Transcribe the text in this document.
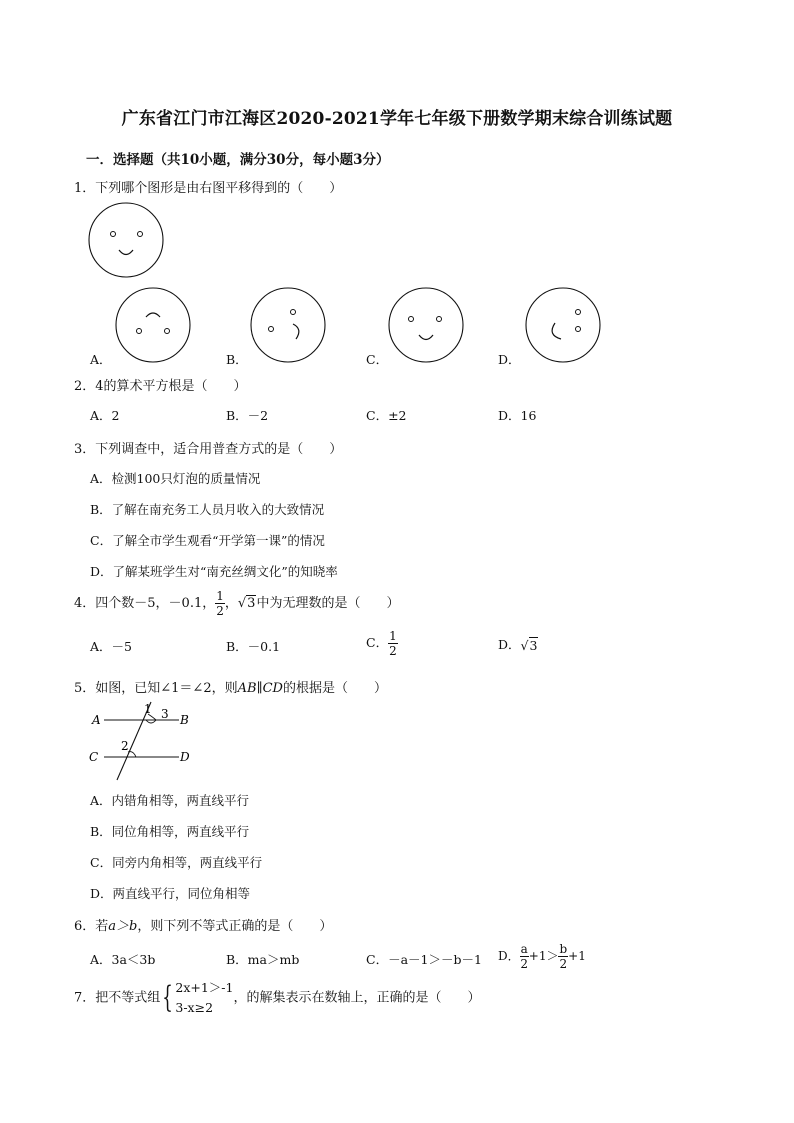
广东省江门市江海区2020-2021学年七年级下册数学期末综合训练试题
一．选择题（共10小题，满分30分，每小题3分）
1．下列哪个图形是由右图平移得到的（　　）
A．	B．	C．	D．
2．4的算术平方根是（　　）
A．2	B．－2	C．±2	D．16
3．下列调查中，适合用普查方式的是（　　）
A．检测100只灯泡的质量情况
B．了解在南充务工人员月收入的大致情况
C．了解全市学生观看“开学第一课”的情况
D．了解某班学生对“南充丝绸文化”的知晓率
4．四个数－5，－0.1， $\frac{1}{2}$ ，√3中为无理数的是（　　）
A．－5	B．－0.1	C． $\frac{1}{2}$	D．√3
5．如图，已知∠1＝∠2，则AB∥CD的根据是（　　）
A	B
C	D
1 3
2
A．内错角相等，两直线平行
B．同位角相等，两直线平行
C．同旁内角相等，两直线平行
D．两直线平行，同位角相等
6．若a＞b，则下列不等式正确的是（　　）
A．3a＜3b	B．ma＞mb	C．－a－1＞－b－1 D． $\frac{a}{2} +1> \frac{b}{2} +1$
7．把不等式组{ 2x+1＞-1
3-x≥2
，的解集表示在数轴上，正确的是（　　）
